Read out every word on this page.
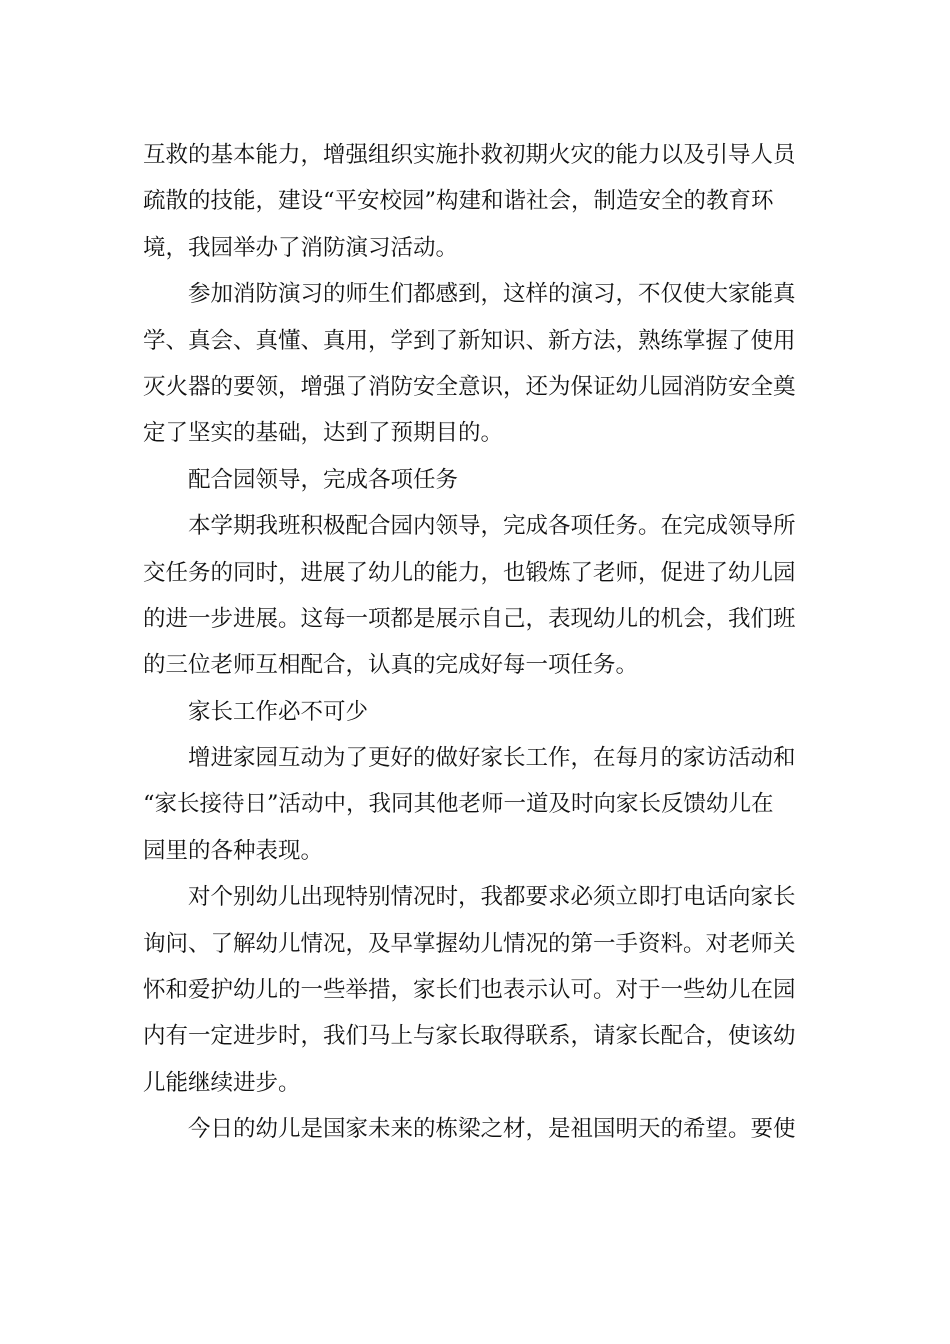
互救的基本能力，增强组织实施扑救初期火灾的能力以及引导人员
疏散的技能，建设“平安校园”构建和谐社会，制造安全的教育环
境，我园举办了消防演习活动。
参加消防演习的师生们都感到，这样的演习，不仅使大家能真
学、真会、真懂、真用，学到了新知识、新方法，熟练掌握了使用
灭火器的要领，增强了消防安全意识，还为保证幼儿园消防安全奠
定了坚实的基础，达到了预期目的。
配合园领导，完成各项任务
本学期我班积极配合园内领导，完成各项任务。在完成领导所
交任务的同时，进展了幼儿的能力，也锻炼了老师，促进了幼儿园
的进一步进展。这每一项都是展示自己，表现幼儿的机会，我们班
的三位老师互相配合，认真的完成好每一项任务。
家长工作必不可少
增进家园互动为了更好的做好家长工作，在每月的家访活动和
“家长接待日”活动中，我同其他老师一道及时向家长反馈幼儿在
园里的各种表现。
对个别幼儿出现特别情况时，我都要求必须立即打电话向家长
询问、了解幼儿情况，及早掌握幼儿情况的第一手资料。对老师关
怀和爱护幼儿的一些举措，家长们也表示认可。对于一些幼儿在园
内有一定进步时，我们马上与家长取得联系，请家长配合，使该幼
儿能继续进步。
今日的幼儿是国家未来的栋梁之材，是祖国明天的希望。要使
